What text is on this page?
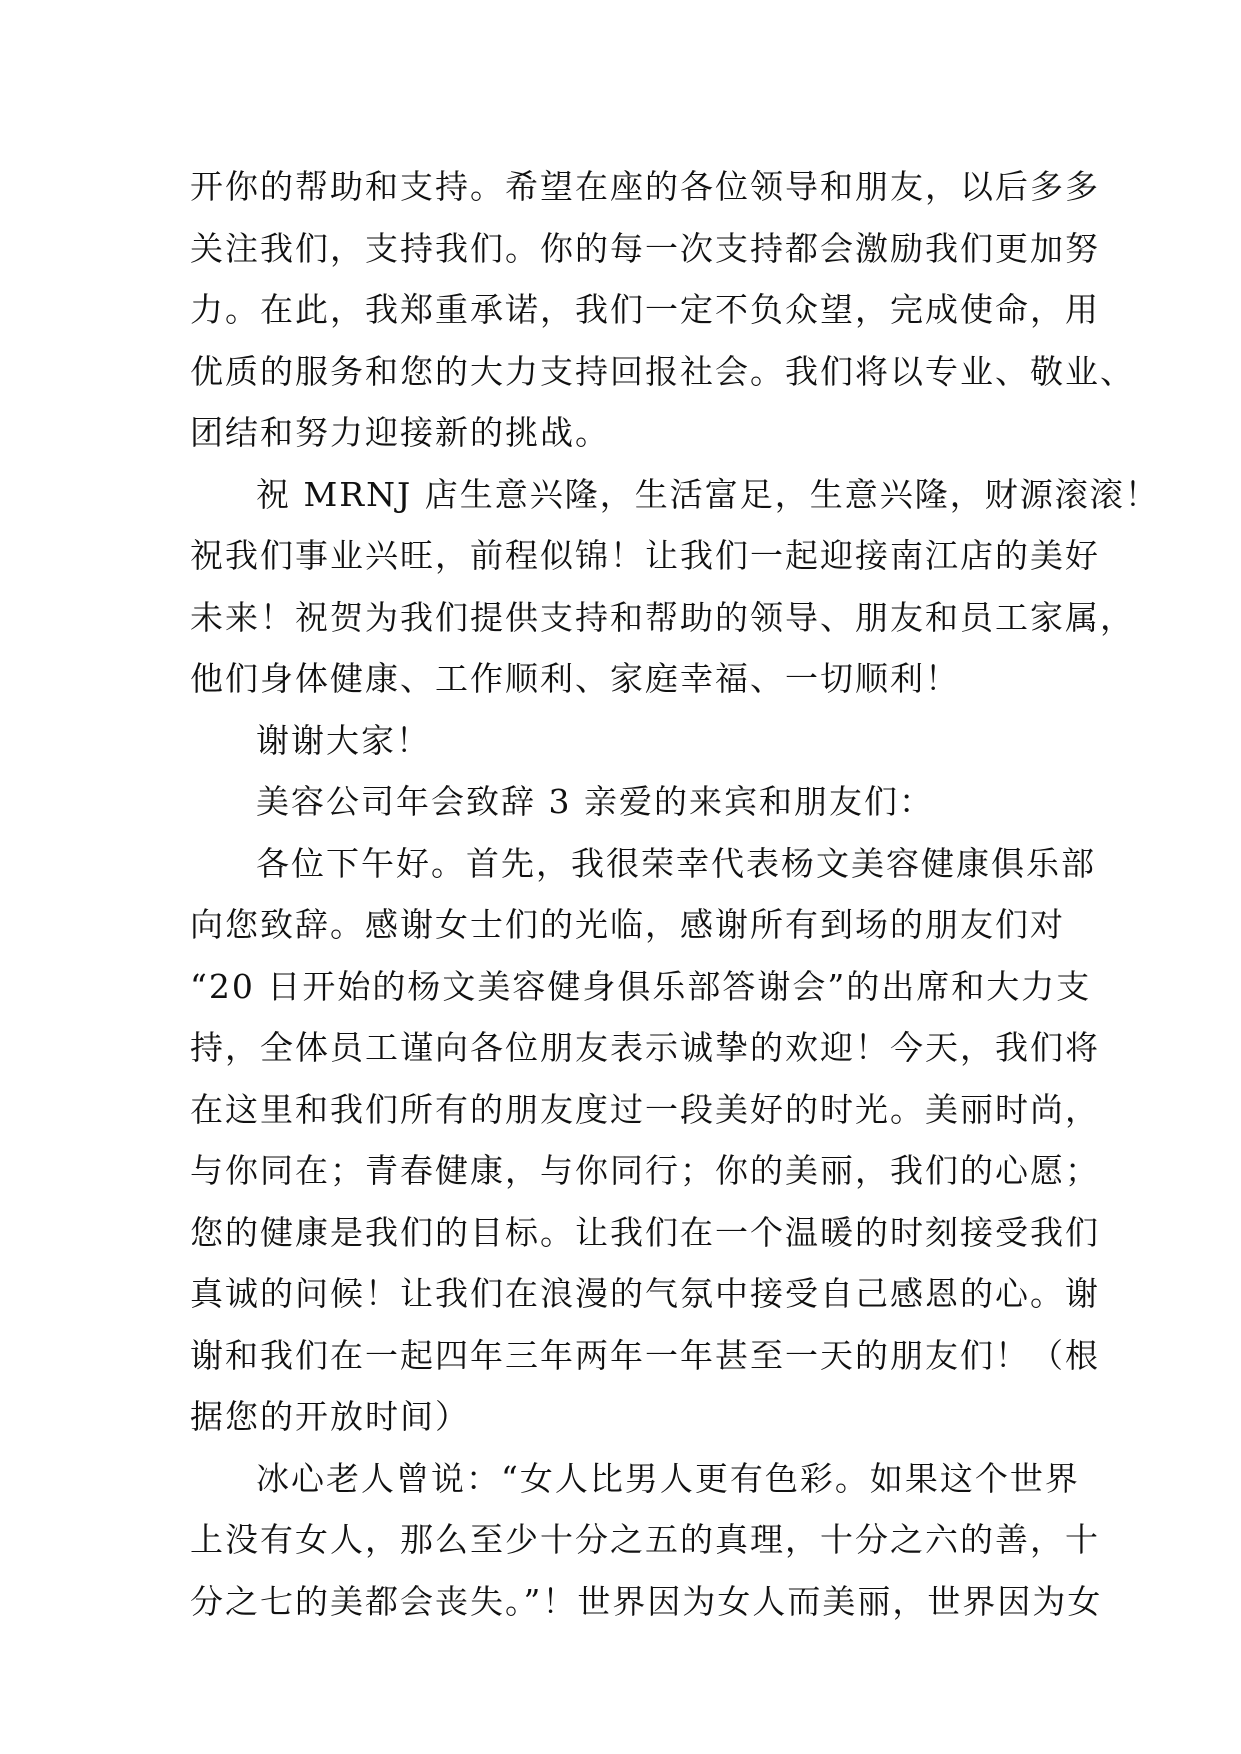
开你的帮助和支持。希望在座的各位领导和朋友，以后多多

关注我们，支持我们。你的每一次支持都会激励我们更加努

力。在此，我郑重承诺，我们一定不负众望，完成使命，用

优质的服务和您的大力支持回报社会。我们将以专业、敬业、

团结和努力迎接新的挑战。

祝 MRNJ 店生意兴隆，生活富足，生意兴隆，财源滚滚！

祝我们事业兴旺，前程似锦！让我们一起迎接南江店的美好

未来！祝贺为我们提供支持和帮助的领导、朋友和员工家属，

他们身体健康、工作顺利、家庭幸福、一切顺利！

谢谢大家！

美容公司年会致辞 3 亲爱的来宾和朋友们：

各位下午好。首先，我很荣幸代表杨文美容健康俱乐部

向您致辞。感谢女士们的光临，感谢所有到场的朋友们对

“20 日开始的杨文美容健身俱乐部答谢会”的出席和大力支

持，全体员工谨向各位朋友表示诚挚的欢迎！今天，我们将

在这里和我们所有的朋友度过一段美好的时光。美丽时尚，

与你同在；青春健康，与你同行；你的美丽，我们的心愿；

您的健康是我们的目标。让我们在一个温暖的时刻接受我们

真诚的问候！让我们在浪漫的气氛中接受自己感恩的心。谢

谢和我们在一起四年三年两年一年甚至一天的朋友们！（根

据您的开放时间）

冰心老人曾说：“女人比男人更有色彩。如果这个世界

上没有女人，那么至少十分之五的真理，十分之六的善，十

分之七的美都会丧失。”！世界因为女人而美丽，世界因为女
